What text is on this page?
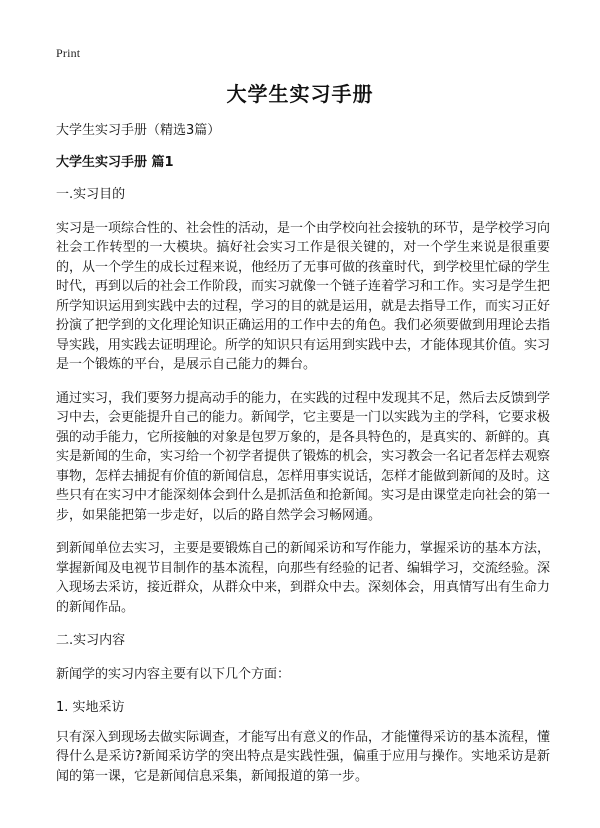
Print
大学生实习手册

大学生实习手册（精选3篇）

大学生实习手册 篇1

一.实习目的

实习是一项综合性的、社会性的活动，是一个由学校向社会接轨的环节，是学校学习向社会工作转型的一大模块。搞好社会实习工作是很关键的，对一个学生来说是很重要的，从一个学生的成长过程来说，他经历了无事可做的孩童时代，到学校里忙碌的学生时代，再到以后的社会工作阶段，而实习就像一个链子连着学习和工作。实习是学生把所学知识运用到实践中去的过程，学习的目的就是运用，就是去指导工作，而实习正好扮演了把学到的文化理论知识正确运用的工作中去的角色。我们必须要做到用理论去指导实践，用实践去证明理论。所学的知识只有运用到实践中去，才能体现其价值。实习是一个锻炼的平台，是展示自己能力的舞台。

通过实习，我们要努力提高动手的能力，在实践的过程中发现其不足，然后去反馈到学习中去，会更能提升自己的能力。新闻学，它主要是一门以实践为主的学科，它要求极强的动手能力，它所接触的对象是包罗万象的，是各具特色的，是真实的、新鲜的。真实是新闻的生命，实习给一个初学者提供了锻炼的机会，实习教会一名记者怎样去观察事物，怎样去捕捉有价值的新闻信息，怎样用事实说话，怎样才能做到新闻的及时。这些只有在实习中才能深刻体会到什么是抓活鱼和抢新闻。实习是由课堂走向社会的第一步，如果能把第一步走好，以后的路自然学会习畅网通。

到新闻单位去实习，主要是要锻炼自己的新闻采访和写作能力，掌握采访的基本方法，掌握新闻及电视节目制作的基本流程，向那些有经验的记者、编辑学习，交流经验。深入现场去采访，接近群众，从群众中来，到群众中去。深刻体会，用真情写出有生命力的新闻作品。

二.实习内容

新闻学的实习内容主要有以下几个方面：

1. 实地采访

只有深入到现场去做实际调查，才能写出有意义的作品，才能懂得采访的基本流程，懂得什么是采访?新闻采访学的突出特点是实践性强，偏重于应用与操作。实地采访是新闻的第一课，它是新闻信息采集，新闻报道的第一步。
